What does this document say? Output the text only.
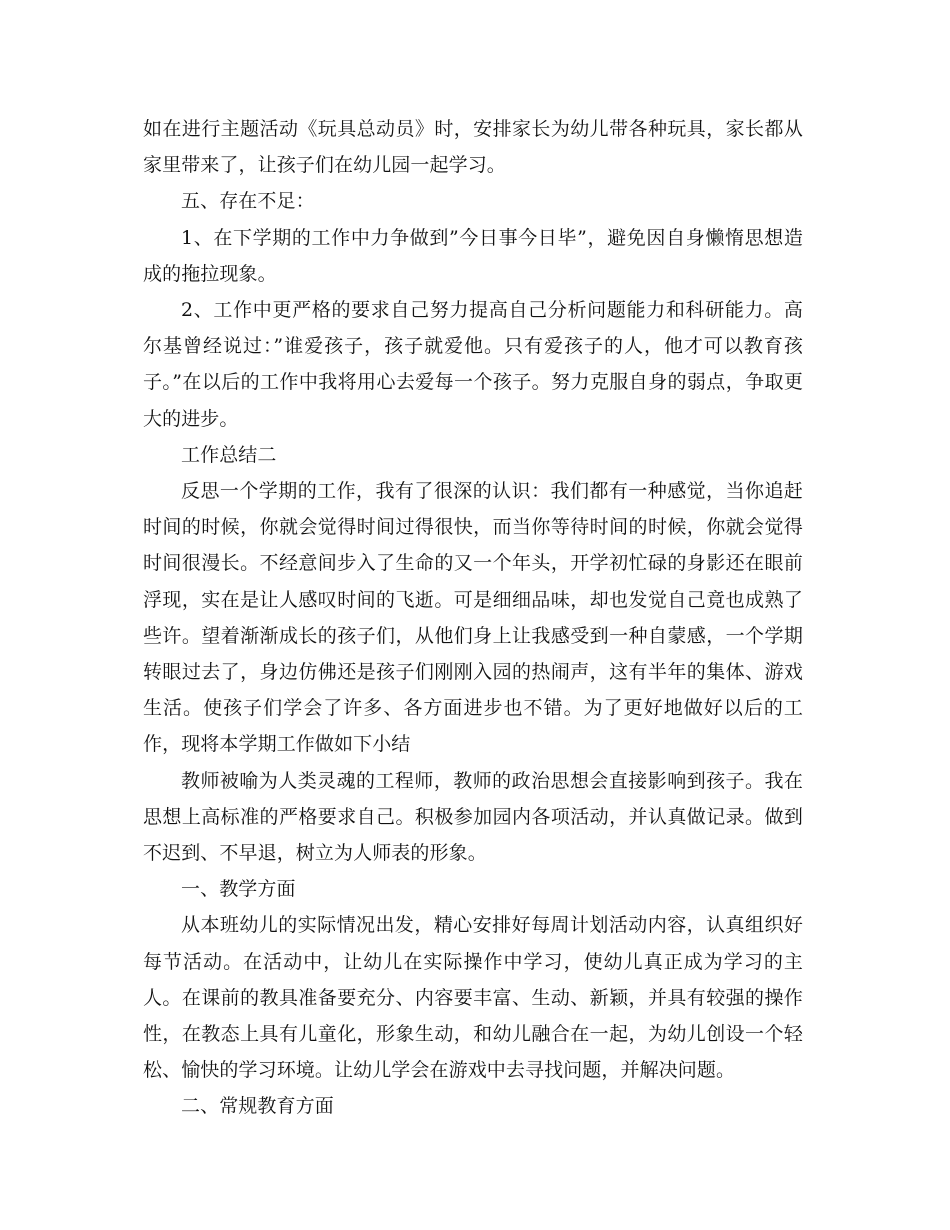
如在进行主题活动《玩具总动员》时，安排家长为幼儿带各种玩具，家长都从家里带来了，让孩子们在幼儿园一起学习。

五、存在不足：

1、在下学期的工作中力争做到”今日事今日毕”，避免因自身懒惰思想造成的拖拉现象。

2、工作中更严格的要求自己努力提高自己分析问题能力和科研能力。高尔基曾经说过：”谁爱孩子，孩子就爱他。只有爱孩子的人，他才可以教育孩子。”在以后的工作中我将用心去爱每一个孩子。努力克服自身的弱点，争取更大的进步。

工作总结二

反思一个学期的工作，我有了很深的认识：我们都有一种感觉，当你追赶时间的时候，你就会觉得时间过得很快，而当你等待时间的时候，你就会觉得时间很漫长。不经意间步入了生命的又一个年头，开学初忙碌的身影还在眼前浮现，实在是让人感叹时间的飞逝。可是细细品味，却也发觉自己竟也成熟了些许。望着渐渐成长的孩子们，从他们身上让我感受到一种自蒙感，一个学期转眼过去了，身边仿佛还是孩子们刚刚入园的热闹声，这有半年的集体、游戏生活。使孩子们学会了许多、各方面进步也不错。为了更好地做好以后的工作，现将本学期工作做如下小结

教师被喻为人类灵魂的工程师，教师的政治思想会直接影响到孩子。我在思想上高标准的严格要求自己。积极参加园内各项活动，并认真做记录。做到不迟到、不早退，树立为人师表的形象。

一、教学方面

从本班幼儿的实际情况出发，精心安排好每周计划活动内容，认真组织好每节活动。在活动中，让幼儿在实际操作中学习，使幼儿真正成为学习的主人。在课前的教具准备要充分、内容要丰富、生动、新颖，并具有较强的操作性，在教态上具有儿童化，形象生动，和幼儿融合在一起，为幼儿创设一个轻松、愉快的学习环境。让幼儿学会在游戏中去寻找问题，并解决问题。

二、常规教育方面
